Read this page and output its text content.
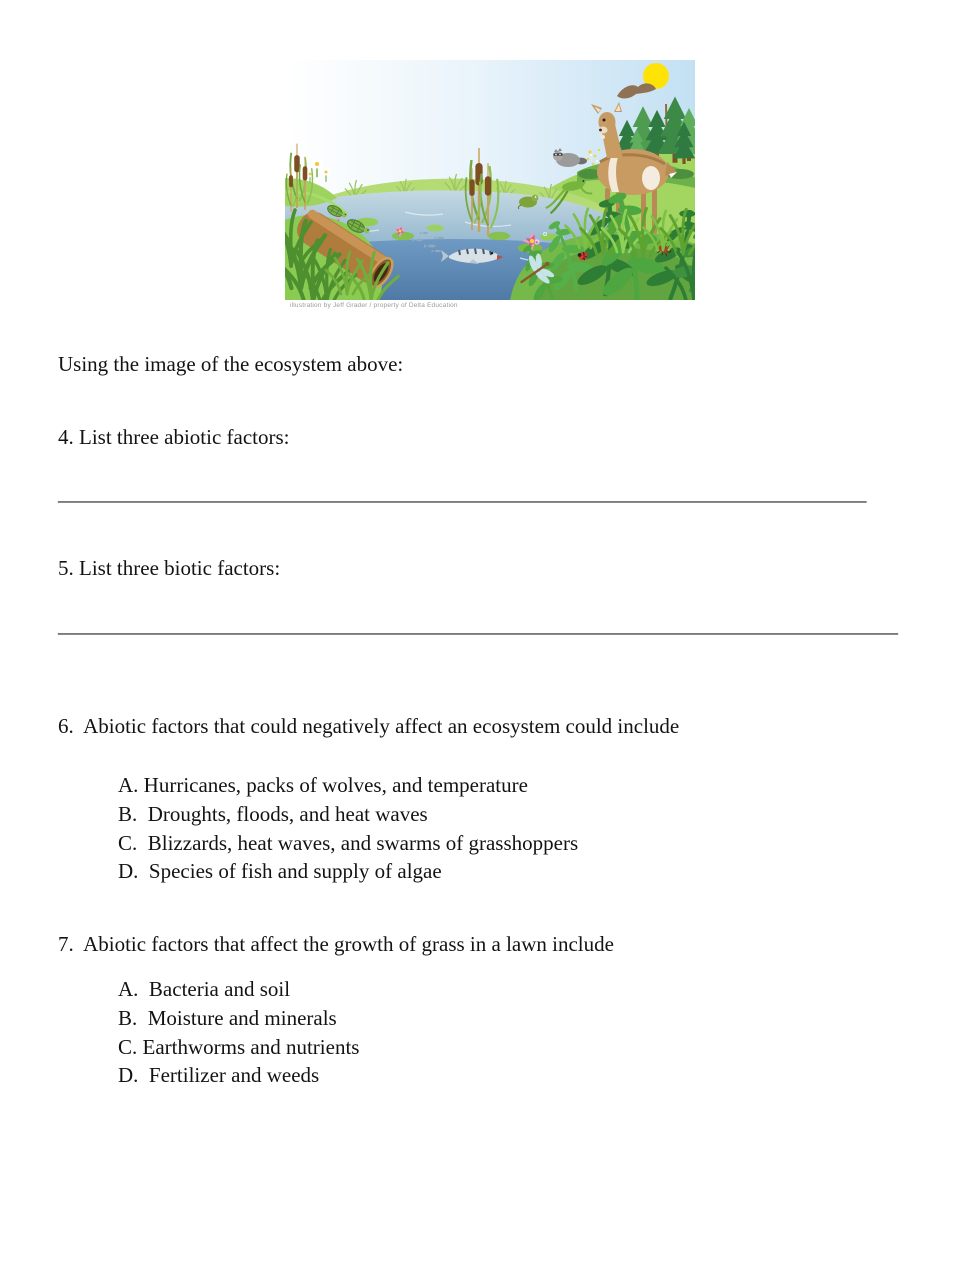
illustration by Jeff Grader / property of Delta Education

Using the image of the ecosystem above:

4. List three abiotic factors:

_____________________________________________________________________________

5. List three biotic factors:

________________________________________________________________________________

6.  Abiotic factors that could negatively affect an ecosystem could include

A. Hurricanes, packs of wolves, and temperature

B.  Droughts, floods, and heat waves

C.  Blizzards, heat waves, and swarms of grasshoppers

D.  Species of fish and supply of algae

7.  Abiotic factors that affect the growth of grass in a lawn include

A.  Bacteria and soil

B.  Moisture and minerals

C. Earthworms and nutrients

D.  Fertilizer and weeds
